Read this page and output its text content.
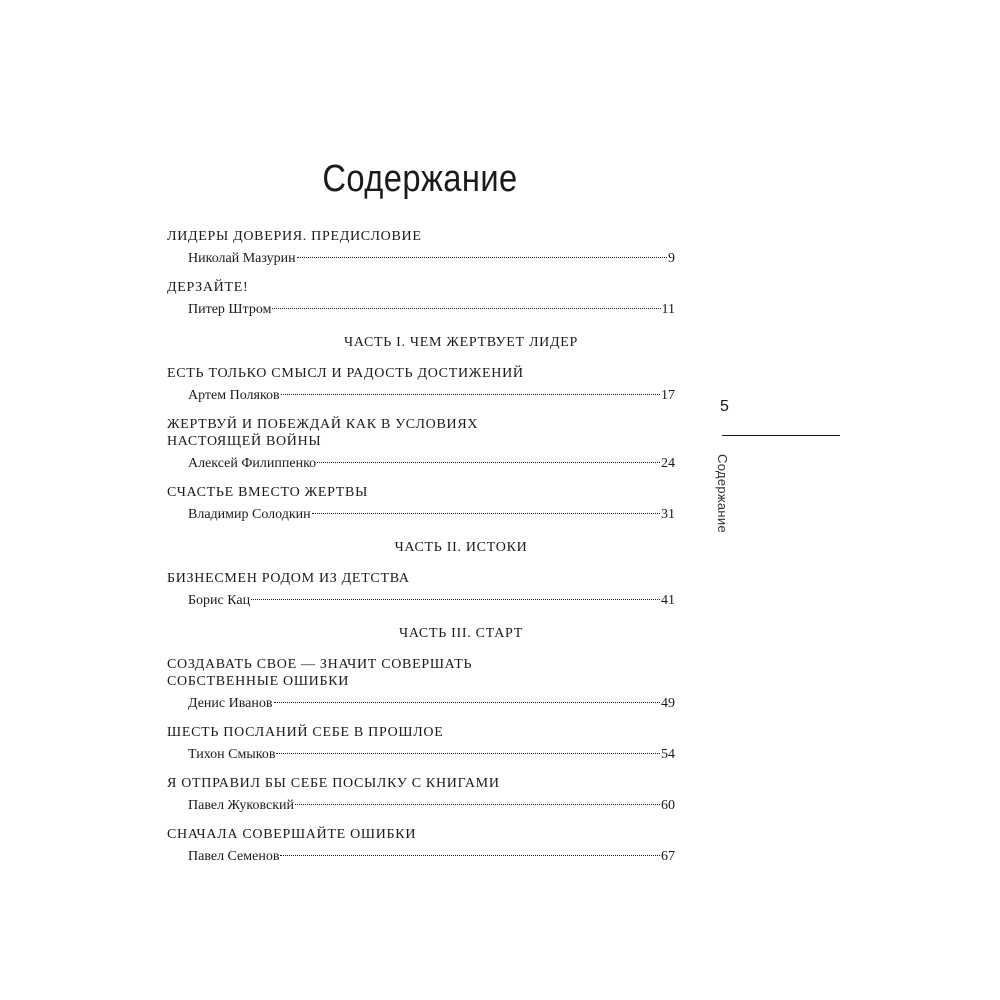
Содержание
ЛИДЕРЫ ДОВЕРИЯ. ПРЕДИСЛОВИЕ
Николай Мазурин	9
ДЕРЗАЙТЕ!
Питер Штром	11
ЧАСТЬ I. ЧЕМ ЖЕРТВУЕТ ЛИДЕР
ЕСТЬ ТОЛЬКО СМЫСЛ И РАДОСТЬ ДОСТИЖЕНИЙ
Артем Поляков	17
ЖЕРТВУЙ И ПОБЕЖДАЙ КАК В УСЛОВИЯХ
НАСТОЯЩЕЙ ВОЙНЫ
Алексей Филиппенко	24
СЧАСТЬЕ ВМЕСТО ЖЕРТВЫ
Владимир Солодкин	31
ЧАСТЬ II. ИСТОКИ
БИЗНЕСМЕН РОДОМ ИЗ ДЕТСТВА
Борис Кац	41
ЧАСТЬ III. СТАРТ
СОЗДАВАТЬ СВОЕ — ЗНАЧИТ СОВЕРШАТЬ
СОБСТВЕННЫЕ ОШИБКИ
Денис Иванов	49
ШЕСТЬ ПОСЛАНИЙ СЕБЕ В ПРОШЛОЕ
Тихон Смыков	54
Я ОТПРАВИЛ БЫ СЕБЕ ПОСЫЛКУ С КНИГАМИ
Павел Жуковский	60
СНАЧАЛА СОВЕРШАЙТЕ ОШИБКИ
Павел Семенов	67
5
Содержание
